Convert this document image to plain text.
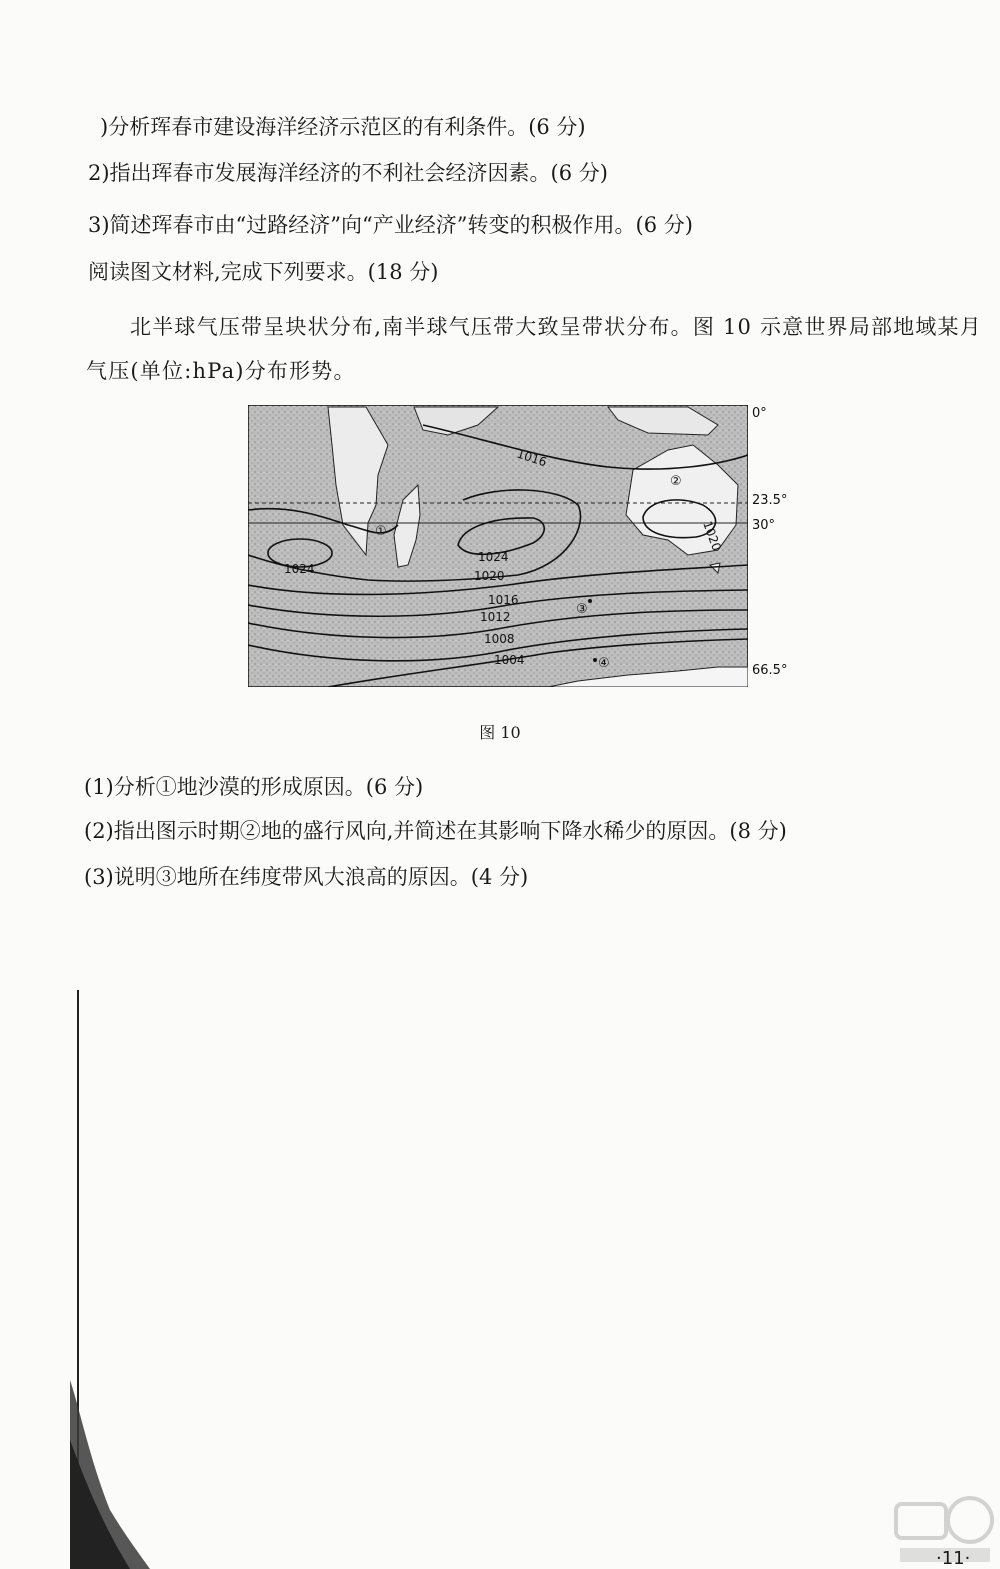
)分析珲春市建设海洋经济示范区的有利条件。(6 分)
2)指出珲春市发展海洋经济的不利社会经济因素。(6 分)
3)简述珲春市由“过路经济”向“产业经济”转变的积极作用。(6 分)
阅读图文材料,完成下列要求。(18 分)
北半球气压带呈块状分布,南半球气压带大致呈带状分布。图 10 示意世界局部地域某月气压(单位:hPa)分布形势。
1016
1020
1024
1024
1020
1016
1012
1008
1004
①
②
③
④
0°
23.5°
30°
66.5°
图 10
(1)分析①地沙漠的形成原因。(6 分)
(2)指出图示时期②地的盛行风向,并简述在其影响下降水稀少的原因。(8 分)
(3)说明③地所在纬度带风大浪高的原因。(4 分)
·11·
